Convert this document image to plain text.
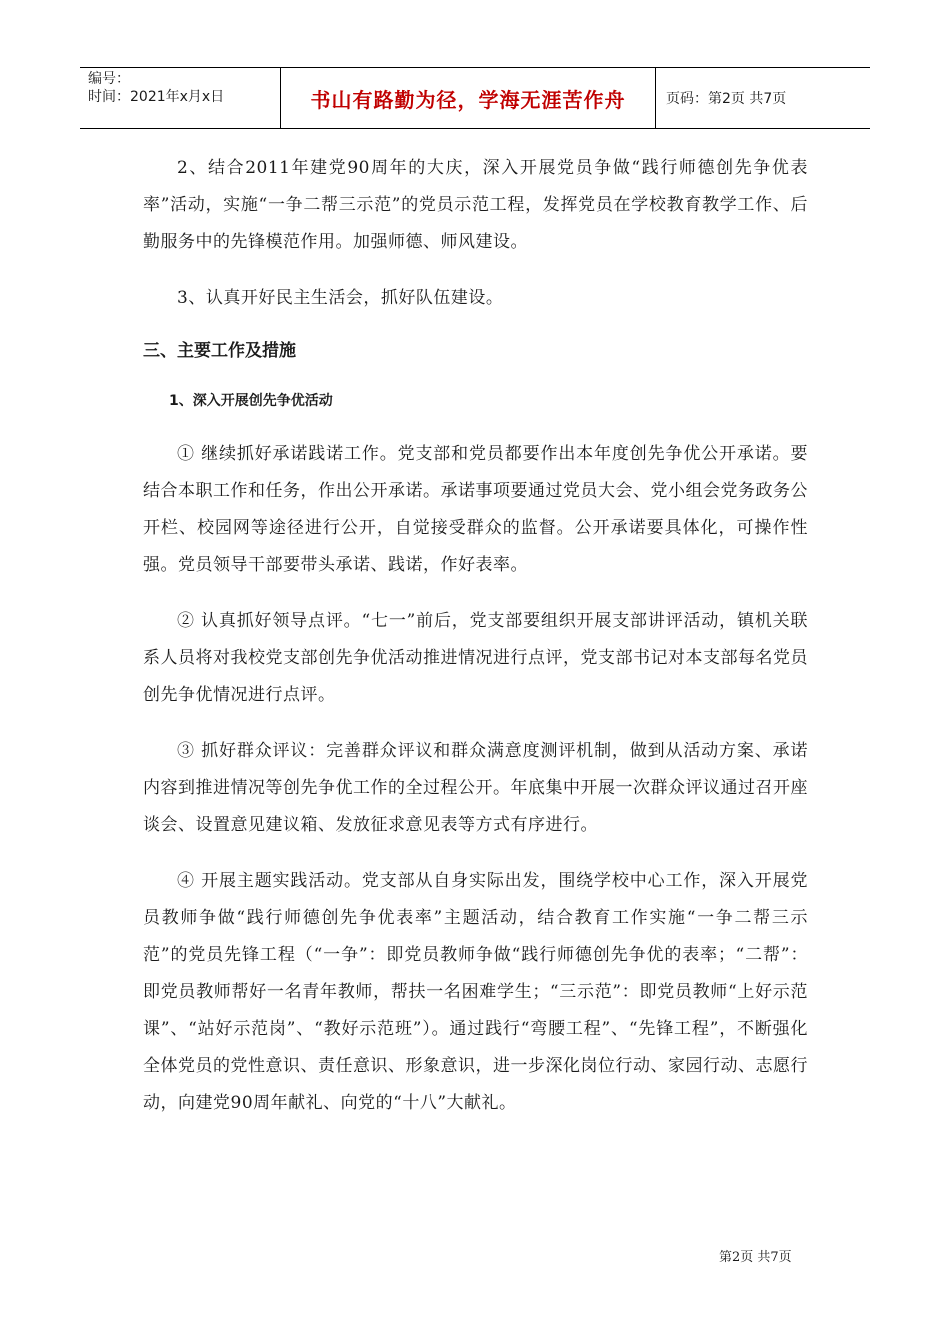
编号：
时间：2021年x月x日	书山有路勤为径，学海无涯苦作舟	页码：第2页 共7页

2、结合2011年建党90周年的大庆，深入开展党员争做“践行师德创先争优表率”活动，实施“一争二帮三示范”的党员示范工程，发挥党员在学校教育教学工作、后勤服务中的先锋模范作用。加强师德、师风建设。

3、认真开好民主生活会，抓好队伍建设。

三、主要工作及措施
1、深入开展创先争优活动

① 继续抓好承诺践诺工作。党支部和党员都要作出本年度创先争优公开承诺。要结合本职工作和任务，作出公开承诺。承诺事项要通过党员大会、党小组会党务政务公开栏、校园网等途径进行公开，自觉接受群众的监督。公开承诺要具体化，可操作性强。党员领导干部要带头承诺、践诺，作好表率。

② 认真抓好领导点评。“七一”前后，党支部要组织开展支部讲评活动，镇机关联系人员将对我校党支部创先争优活动推进情况进行点评，党支部书记对本支部每名党员创先争优情况进行点评。

③ 抓好群众评议：完善群众评议和群众满意度测评机制，做到从活动方案、承诺内容到推进情况等创先争优工作的全过程公开。年底集中开展一次群众评议通过召开座谈会、设置意见建议箱、发放征求意见表等方式有序进行。

④ 开展主题实践活动。党支部从自身实际出发，围绕学校中心工作，深入开展党员教师争做“践行师德创先争优表率”主题活动，结合教育工作实施“一争二帮三示范”的党员先锋工程（“一争”：即党员教师争做“践行师德创先争优的表率；“二帮”：即党员教师帮好一名青年教师，帮扶一名困难学生；“三示范”：即党员教师“上好示范课”、“站好示范岗”、“教好示范班”）。通过践行“弯腰工程”、“先锋工程”，不断强化全体党员的党性意识、责任意识、形象意识，进一步深化岗位行动、家园行动、志愿行动，向建党90周年献礼、向党的“十八”大献礼。

第2页 共7页
